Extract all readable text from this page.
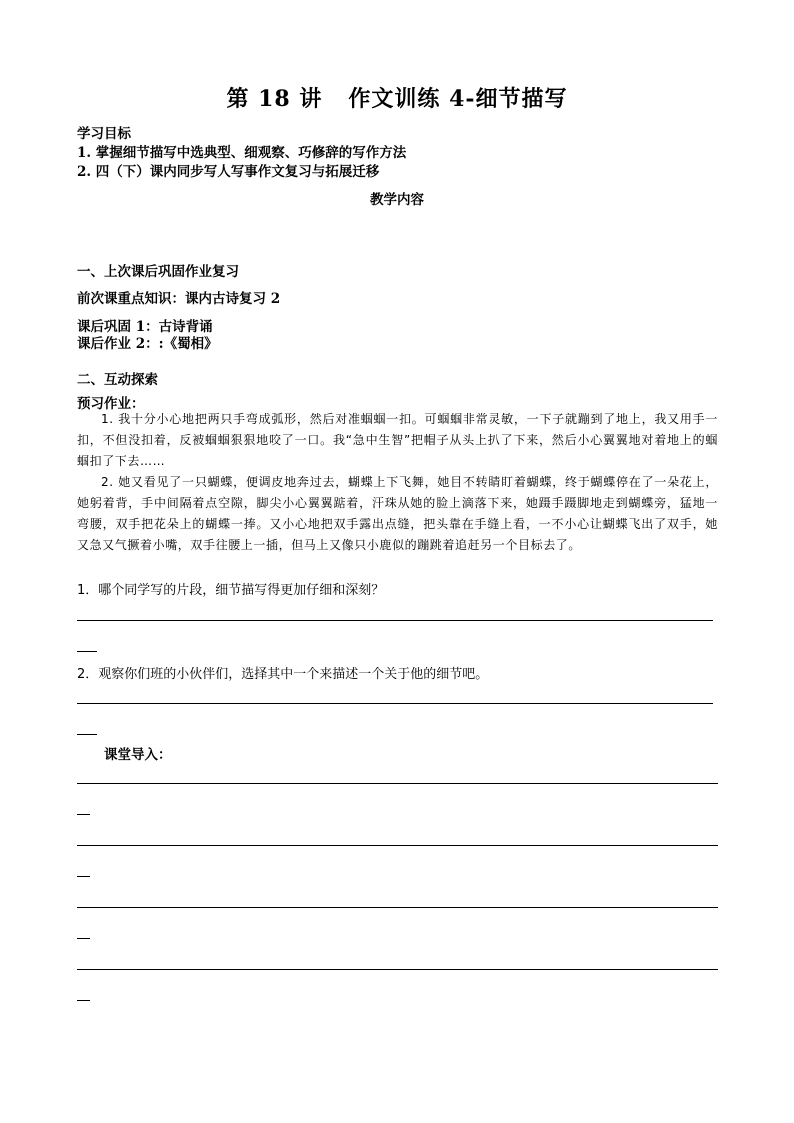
第 18 讲 作文训练 4-细节描写
学习目标
1. 掌握细节描写中选典型、细观察、巧修辞的写作方法
2. 四（下）课内同步写人写事作文复习与拓展迁移
教学内容
一、上次课后巩固作业复习
前次课重点知识：课内古诗复习 2
课后巩固 1：古诗背诵
课后作业 2：:《蜀相》
二、互动探索
预习作业：
1. 我十分小心地把两只手弯成弧形，然后对准蝈蝈一扣。可蝈蝈非常灵敏，一下子就蹦到了地上，我又用手一扣，不但没扣着，反被蝈蝈狠狠地咬了一口。我“急中生智”把帽子从头上扒了下来，然后小心翼翼地对着地上的蝈蝈扣了下去……
2. 她又看见了一只蝴蝶，便调皮地奔过去，蝴蝶上下飞舞，她目不转睛盯着蝴蝶，终于蝴蝶停在了一朵花上，她躬着背，手中间隔着点空隙，脚尖小心翼翼踮着，汗珠从她的脸上滴落下来，她蹑手蹑脚地走到蝴蝶旁，猛地一弯腰，双手把花朵上的蝴蝶一捧。又小心地把双手露出点缝，把头靠在手缝上看，一不小心让蝴蝶飞出了双手，她又急又气撅着小嘴，双手往腰上一插，但马上又像只小鹿似的蹦跳着追赶另一个目标去了。
1．哪个同学写的片段，细节描写得更加仔细和深刻？
2．观察你们班的小伙伴们，选择其中一个来描述一个关于他的细节吧。
课堂导入：
